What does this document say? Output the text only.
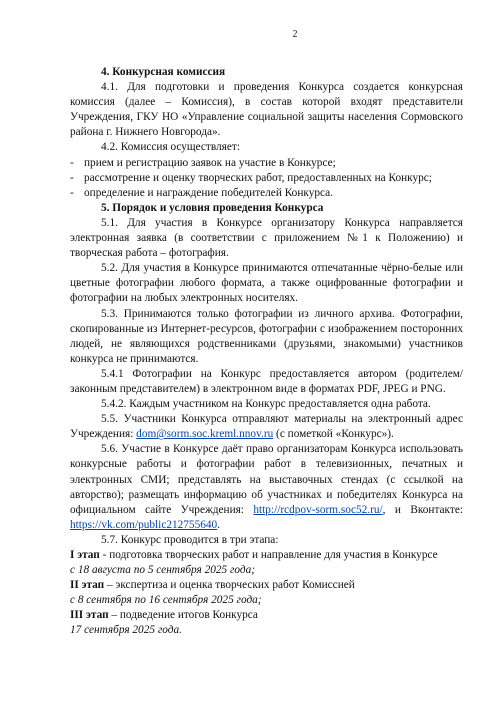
2

4. Конкурсная комиссия

4.1. Для подготовки и проведения Конкурса создается конкурсная комиссия (далее – Комиссия), в состав которой входят представители Учреждения, ГКУ НО «Управление социальной защиты населения Сормовского района г. Нижнего Новгорода».

4.2. Комиссия осуществляет:

- прием и регистрацию заявок на участие в Конкурсе;

- рассмотрение и оценку творческих работ, предоставленных на Конкурс;

- определение и награждение победителей Конкурса.

5. Порядок и условия проведения Конкурса

5.1. Для участия в Конкурсе организатору Конкурса направляется электронная заявка (в соответствии с приложением №1 к Положению) и творческая работа – фотография.

5.2. Для участия в Конкурсе принимаются отпечатанные чёрно-белые или цветные фотографии любого формата, а также оцифрованные фотографии и фотографии на любых электронных носителях.

5.3. Принимаются только фотографии из личного архива. Фотографии, скопированные из Интернет-ресурсов, фотографии с изображением посторонних людей, не являющихся родственниками (друзьями, знакомыми) участников конкурса не принимаются.

5.4.1 Фотографии на Конкурс предоставляется автором (родителем/законным представителем) в электронном виде в форматах PDF, JPEG и PNG.

5.4.2. Каждым участником на Конкурс предоставляется одна работа.

5.5. Участники Конкурса отправляют материалы на электронный адрес Учреждения: dom@sorm.soc.kreml.nnov.ru (с пометкой «Конкурс»).

5.6. Участие в Конкурсе даёт право организаторам Конкурса использовать конкурсные работы и фотографии работ в телевизионных, печатных и электронных СМИ; представлять на выставочных стендах (с ссылкой на авторство); размещать информацию об участниках и победителях Конкурса на официальном сайте Учреждения: http://rcdpov-sorm.soc52.ru/, и Вконтакте: https://vk.com/public212755640.

5.7. Конкурс проводится в три этапа:

I этап - подготовка творческих работ и направление для участия в Конкурсе

с 18 августа по 5 сентября 2025 года;

II этап – экспертиза и оценка творческих работ Комиссией

с 8 сентября по 16 сентября 2025 года;

III этап – подведение итогов Конкурса

17 сентября 2025 года.
